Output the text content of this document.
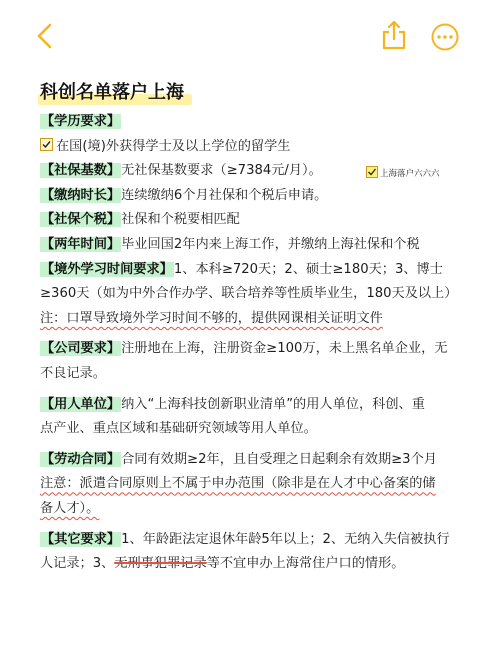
科创名单落户上海
【学历要求】
在国(境)外获得学士及以上学位的留学生
【社保基数】无社保基数要求（≥7384元/月）。
【缴纳时长】连续缴纳6个月社保和个税后申请。
【社保个税】社保和个税要相匹配
【两年时间】毕业回国2年内来上海工作，并缴纳上海社保和个税
【境外学习时间要求】1、本科≥720天；2、硕士≥180天；3、博士
≥360天（如为中外合作办学、联合培养等性质毕业生，180天及以上）
注：口罩导致境外学习时间不够的，提供网课相关证明文件
【公司要求】注册地在上海，注册资金≥100万，未上黑名单企业，无
不良记录。
【用人单位】纳入“上海科技创新职业清单”的用人单位，科创、重
点产业、重点区域和基础研究领域等用人单位。
【劳动合同】合同有效期≥2年，且自受理之日起剩余有效期≥3个月
注意：派遣合同原则上不属于申办范围（除非是在人才中心备案的储
备人才）。
【其它要求】1、年龄距法定退休年龄5年以上；2、无纳入失信被执行
人记录；3、无刑事犯罪记录等不宜申办上海常住户口的情形。
上海落户六六六
